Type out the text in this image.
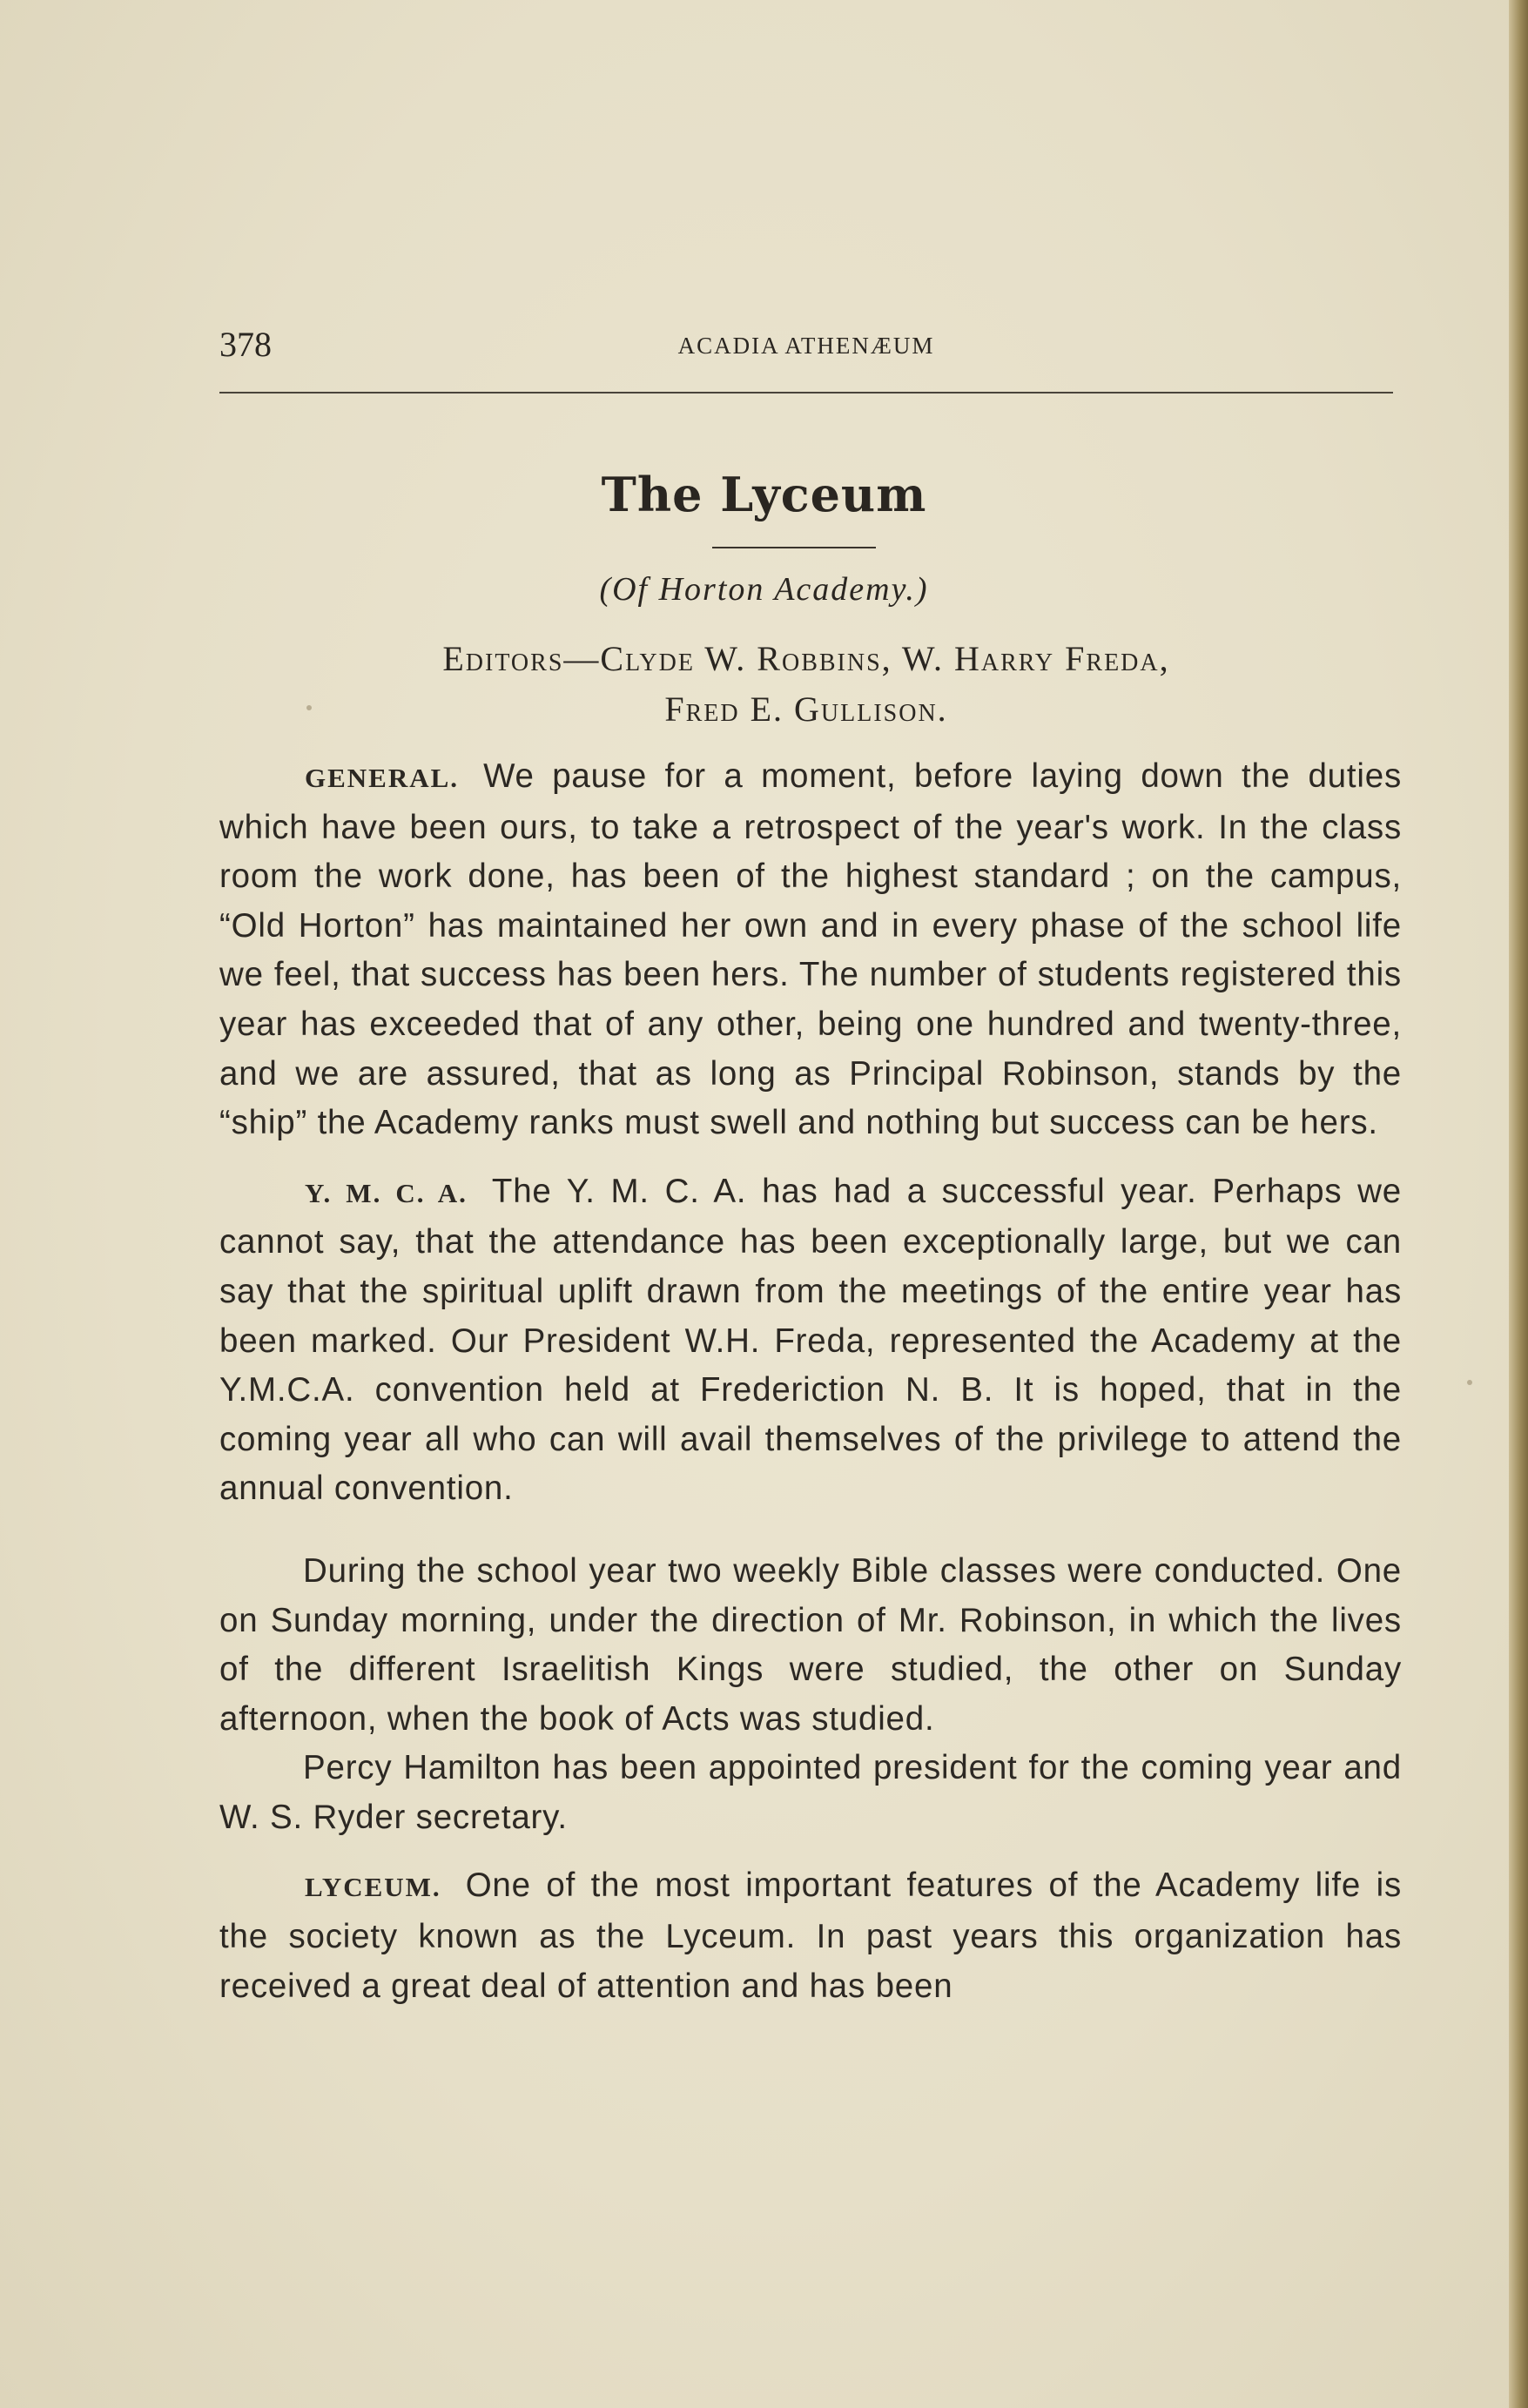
378	ACADIA ATHENÆUM
The Lyceum
(Of Horton Academy.)
Editors—Clyde W. Robbins, W. Harry Freda,
Fred E. Gullison.

GENERAL. We pause for a moment, before laying down the duties which have been ours, to take a retrospect of the year's work. In the class room the work done, has been of the highest standard ; on the campus, “Old Horton” has maintained her own and in every phase of the school life we feel, that success has been hers. The number of students registered this year has exceeded that of any other, being one hundred and twenty-three, and we are assured, that as long as Principal Robinson, stands by the “ship” the Academy ranks must swell and nothing but success can be hers.

Y. M. C. A. The Y. M. C. A. has had a successful year. Perhaps we cannot say, that the attendance has been exceptionally large, but we can say that the spiritual uplift drawn from the meetings of the entire year has been marked. Our President W.H. Freda, represented the Academy at the Y.M.C.A. convention held at Frederiction N. B. It is hoped, that in the coming year all who can will avail themselves of the privilege to attend the annual convention.

During the school year two weekly Bible classes were conducted. One on Sunday morning, under the direction of Mr. Robinson, in which the lives of the different Israelitish Kings were studied, the other on Sunday afternoon, when the book of Acts was studied.

Percy Hamilton has been appointed president for the coming year and W. S. Ryder secretary.

LYCEUM. One of the most important features of the Academy life is the society known as the Lyceum. In past years this organization has received a great deal of attention and has been
